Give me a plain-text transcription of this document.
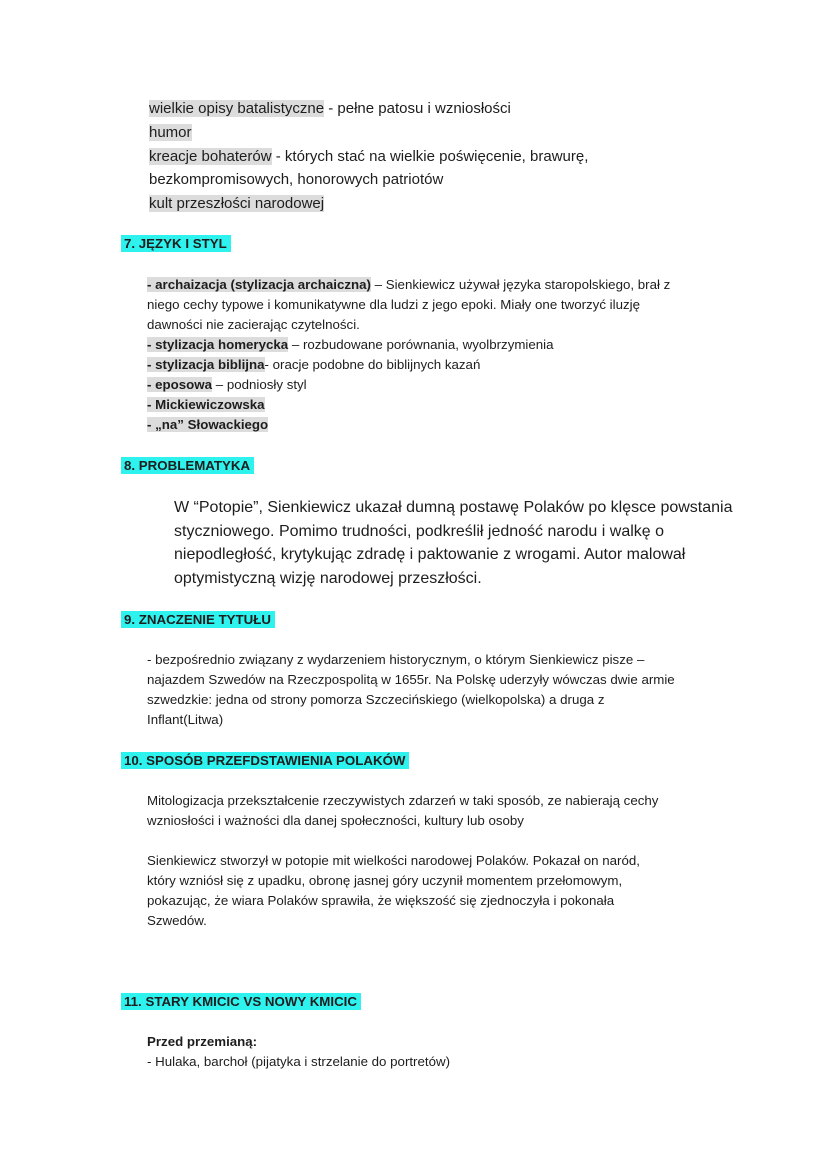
wielkie opisy batalistyczne - pełne patosu i wzniosłości
humor
kreacje bohaterów - których stać na wielkie poświęcenie, brawurę,
bezkompromisowych, honorowych patriotów
kult przeszłości narodowej
7. JĘZYK I STYL
- archaizacja (stylizacja archaiczna) – Sienkiewicz używał języka staropolskiego, brał z
niego cechy typowe i komunikatywne dla ludzi z jego epoki. Miały one tworzyć iluzję
dawności nie zacierając czytelności.
- stylizacja homerycka – rozbudowane porównania, wyolbrzymienia
- stylizacja biblijna- oracje podobne do biblijnych kazań
- eposowa – podniosły styl
- Mickiewiczowska
- „na” Słowackiego
8. PROBLEMATYKA
W “Potopie”, Sienkiewicz ukazał dumną postawę Polaków po klęsce powstania
styczniowego. Pomimo trudności, podkreślił jedność narodu i walkę o
niepodległość, krytykując zdradę i paktowanie z wrogami. Autor malował
optymistyczną wizję narodowej przeszłości.
9. ZNACZENIE TYTUŁU
- bezpośrednio związany z wydarzeniem historycznym, o którym Sienkiewicz pisze –
najazdem Szwedów na Rzeczpospolitą w 1655r. Na Polskę uderzyły wówczas dwie armie
szwedzkie: jedna od strony pomorza Szczecińskiego (wielkopolska) a druga z
Inflant(Litwa)
10. SPOSÓB PRZEFDSTAWIENIA POLAKÓW
Mitologizacja przekształcenie rzeczywistych zdarzeń w taki sposób, ze nabierają cechy
wzniosłości i ważności dla danej społeczności, kultury lub osoby
Sienkiewicz stworzył w potopie mit wielkości narodowej Polaków. Pokazał on naród,
który wzniósł się z upadku, obronę jasnej góry uczynił momentem przełomowym,
pokazując, że wiara Polaków sprawiła, że większość się zjednoczyła i pokonała
Szwedów.
11. STARY KMICIC VS NOWY KMICIC
Przed przemianą:
- Hulaka, barchoł (pijatyka i strzelanie do portretów)
